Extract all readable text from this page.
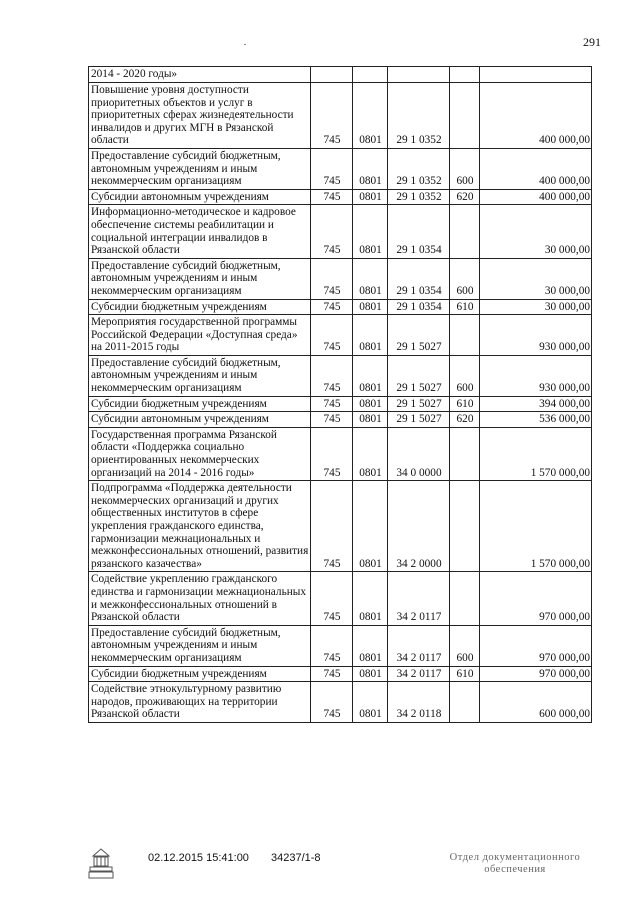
291
2014 - 2020 годы»					
Повышение уровня доступности приоритетных объектов и услуг в приоритетных сферах жизнедеятельности инвалидов и других МГН в Рязанской области	745	0801	29 1 0352		400 000,00
Предоставление субсидий бюджетным, автономным учреждениям и иным некоммерческим организациям	745	0801	29 1 0352	600	400 000,00
Субсидии автономным учреждениям	745	0801	29 1 0352	620	400 000,00
Информационно-методическое и кадровое обеспечение системы реабилитации и социальной интеграции инвалидов в Рязанской области	745	0801	29 1 0354		30 000,00
Предоставление субсидий бюджетным, автономным учреждениям и иным некоммерческим организациям	745	0801	29 1 0354	600	30 000,00
Субсидии бюджетным учреждениям	745	0801	29 1 0354	610	30 000,00
Мероприятия государственной программы Российской Федерации «Доступная среда» на 2011-2015 годы	745	0801	29 1 5027		930 000,00
Предоставление субсидий бюджетным, автономным учреждениям и иным некоммерческим организациям	745	0801	29 1 5027	600	930 000,00
Субсидии бюджетным учреждениям	745	0801	29 1 5027	610	394 000,00
Субсидии автономным учреждениям	745	0801	29 1 5027	620	536 000,00
Государственная программа Рязанской области «Поддержка социально ориентированных некоммерческих организаций на 2014 - 2016 годы»	745	0801	34 0 0000		1 570 000,00
Подпрограмма «Поддержка деятельности некоммерческих организаций и других общественных институтов в сфере укрепления гражданского единства, гармонизации межнациональных и межконфессиональных отношений, развития рязанского казачества»	745	0801	34 2 0000		1 570 000,00
Содействие укреплению гражданского единства и гармонизации межнациональных и межконфессиональных отношений в Рязанской области	745	0801	34 2 0117		970 000,00
Предоставление субсидий бюджетным, автономным учреждениям и иным некоммерческим организациям	745	0801	34 2 0117	600	970 000,00
Субсидии бюджетным учреждениям	745	0801	34 2 0117	610	970 000,00
Содействие этнокультурному развитию народов, проживающих на территории Рязанской области	745	0801	34 2 0118		600 000,00
02.12.2015 15:41:00 34237/1-8	Отдел документационного обеспечения
